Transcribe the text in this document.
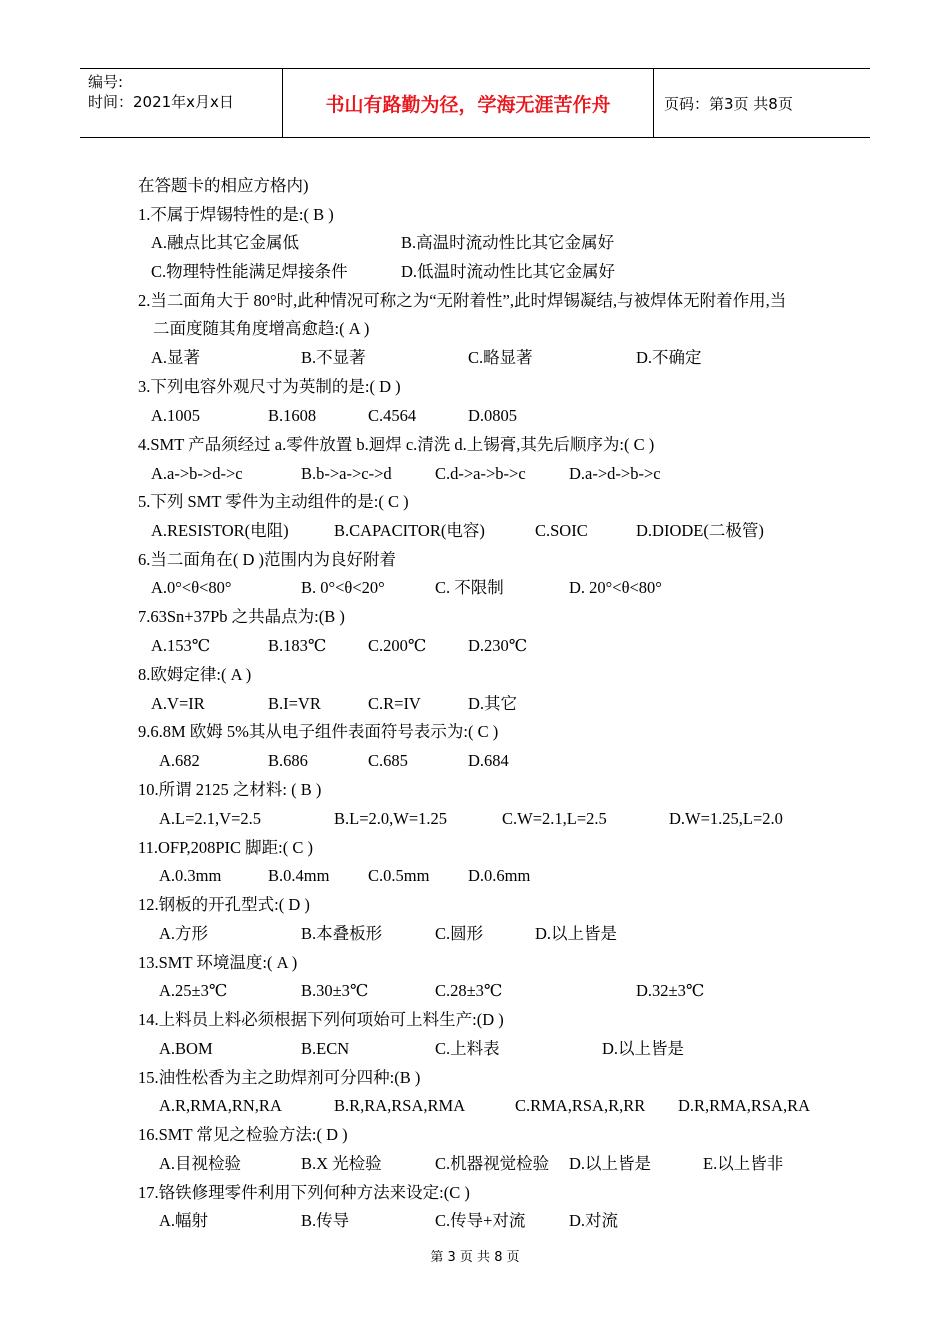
编号:
时间：2021年x月x日	书山有路勤为径，学海无涯苦作舟	页码：第3页 共8页
在答题卡的相应方格内)
1.不属于焊锡特性的是:( B )
A.融点比其它金属低	B.高温时流动性比其它金属好
C.物理特性能满足焊接条件	D.低温时流动性比其它金属好
2.当二面角大于 80°时,此种情况可称之为“无附着性”,此时焊锡凝结,与被焊体无附着作用,当
二面度随其角度增高愈趋:( A )
A.显著	B.不显著	C.略显著	D.不确定
3.下列电容外观尺寸为英制的是:( D )
A.1005	B.1608	C.4564	D.0805
4.SMT 产品须经过 a.零件放置 b.迴焊 c.清洗 d.上锡膏,其先后顺序为:( C )
A.a->b->d->c	B.b->a->c->d	C.d->a->b->c	D.a->d->b->c
5.下列 SMT 零件为主动组件的是:( C )
A.RESISTOR(电阻)	B.CAPACITOR(电容)	C.SOIC	D.DIODE(二极管)
6.当二面角在( D )范围内为良好附着
A.0°<θ<80°	B. 0°<θ<20°	C. 不限制	D. 20°<θ<80°
7.63Sn+37Pb 之共晶点为:(B )
A.153℃	B.183℃	C.200℃	D.230℃
8.欧姆定律:( A )
A.V=IR	B.I=VR	C.R=IV	D.其它
9.6.8M 欧姆 5%其从电子组件表面符号表示为:( C )
A.682	B.686	C.685	D.684
10.所谓 2125 之材料: ( B )
A.L=2.1,V=2.5	B.L=2.0,W=1.25	C.W=2.1,L=2.5	D.W=1.25,L=2.0
11.OFP,208PIC 脚距:( C )
A.0.3mm	B.0.4mm C.0.5mm D.0.6mm
12.钢板的开孔型式:( D )
A.方形	B.本叠板形	C.圆形	D.以上皆是
13.SMT 环境温度:( A )
A.25±3℃	B.30±3℃	C.28±3℃	D.32±3℃
14.上料员上料必须根据下列何项始可上料生产:(D )
A.BOM	B.ECN	C.上料表	D.以上皆是
15.油性松香为主之助焊剂可分四种:(B )
A.R,RMA,RN,RA	B.R,RA,RSA,RMA	C.RMA,RSA,R,RR D.R,RMA,RSA,RA
16.SMT 常见之检验方法:( D )
A.目视检验	B.X 光检验	C.机器视觉检验 D.以上皆是	E.以上皆非
17.铬铁修理零件利用下列何种方法来设定:(C )
A.幅射	B.传导	C.传导+对流	D.对流
第 3 页 共 8 页
